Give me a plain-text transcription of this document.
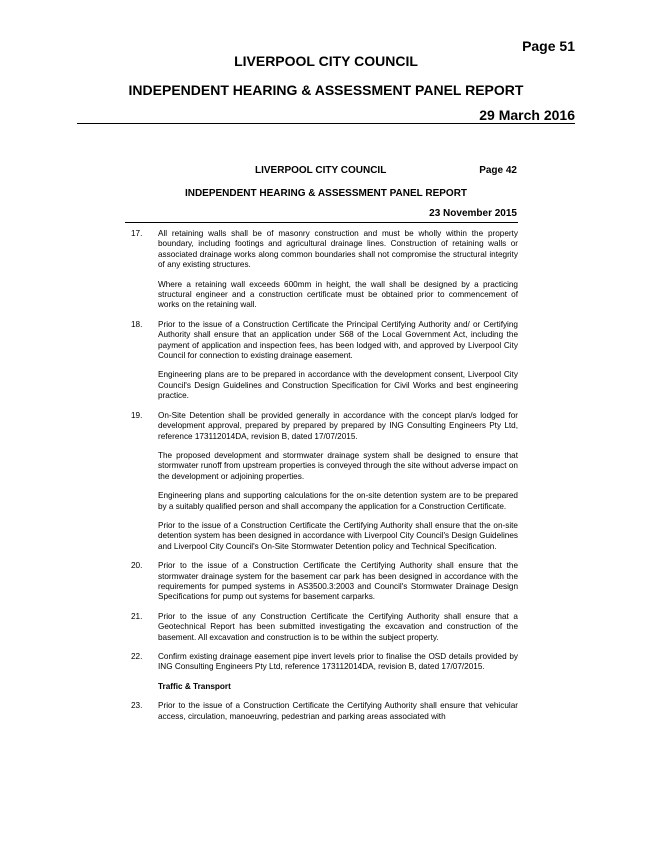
Page 51
LIVERPOOL CITY COUNCIL
INDEPENDENT HEARING & ASSESSMENT PANEL REPORT
29 March 2016
LIVERPOOL CITY COUNCIL	Page 42
INDEPENDENT HEARING & ASSESSMENT PANEL REPORT
23 November 2015
17.	All retaining walls shall be of masonry construction and must be wholly within the property boundary, including footings and agricultural drainage lines. Construction of retaining walls or associated drainage works along common boundaries shall not compromise the structural integrity of any existing structures.

Where a retaining wall exceeds 600mm in height, the wall shall be designed by a practicing structural engineer and a construction certificate must be obtained prior to commencement of works on the retaining wall.

18.	Prior to the issue of a Construction Certificate the Principal Certifying Authority and/ or Certifying Authority shall ensure that an application under S68 of the Local Government Act, including the payment of application and inspection fees, has been lodged with, and approved by Liverpool City Council for connection to existing drainage easement.

Engineering plans are to be prepared in accordance with the development consent, Liverpool City Council's Design Guidelines and Construction Specification for Civil Works and best engineering practice.

19.	On-Site Detention shall be provided generally in accordance with the concept plan/s lodged for development approval, prepared by prepared by prepared by ING Consulting Engineers Pty Ltd, reference 173112014DA, revision B, dated 17/07/2015.

The proposed development and stormwater drainage system shall be designed to ensure that stormwater runoff from upstream properties is conveyed through the site without adverse impact on the development or adjoining properties.

Engineering plans and supporting calculations for the on-site detention system are to be prepared by a suitably qualified person and shall accompany the application for a Construction Certificate.

Prior to the issue of a Construction Certificate the Certifying Authority shall ensure that the on-site detention system has been designed in accordance with Liverpool City Council's Design Guidelines and Liverpool City Council's On-Site Stormwater Detention policy and Technical Specification.

20.	Prior to the issue of a Construction Certificate the Certifying Authority shall ensure that the stormwater drainage system for the basement car park has been designed in accordance with the requirements for pumped systems in AS3500.3:2003 and Council's Stormwater Drainage Design Specifications for pump out systems for basement carparks.

21.	Prior to the issue of any Construction Certificate the Certifying Authority shall ensure that a Geotechnical Report has been submitted investigating the excavation and construction of the basement. All excavation and construction is to be within the subject property.

22.	Confirm existing drainage easement pipe invert levels prior to finalise the OSD details provided by ING Consulting Engineers Pty Ltd, reference 173112014DA, revision B, dated 17/07/2015.

Traffic & Transport
23.	Prior to the issue of a Construction Certificate the Certifying Authority shall ensure that vehicular access, circulation, manoeuvring, pedestrian and parking areas associated with
